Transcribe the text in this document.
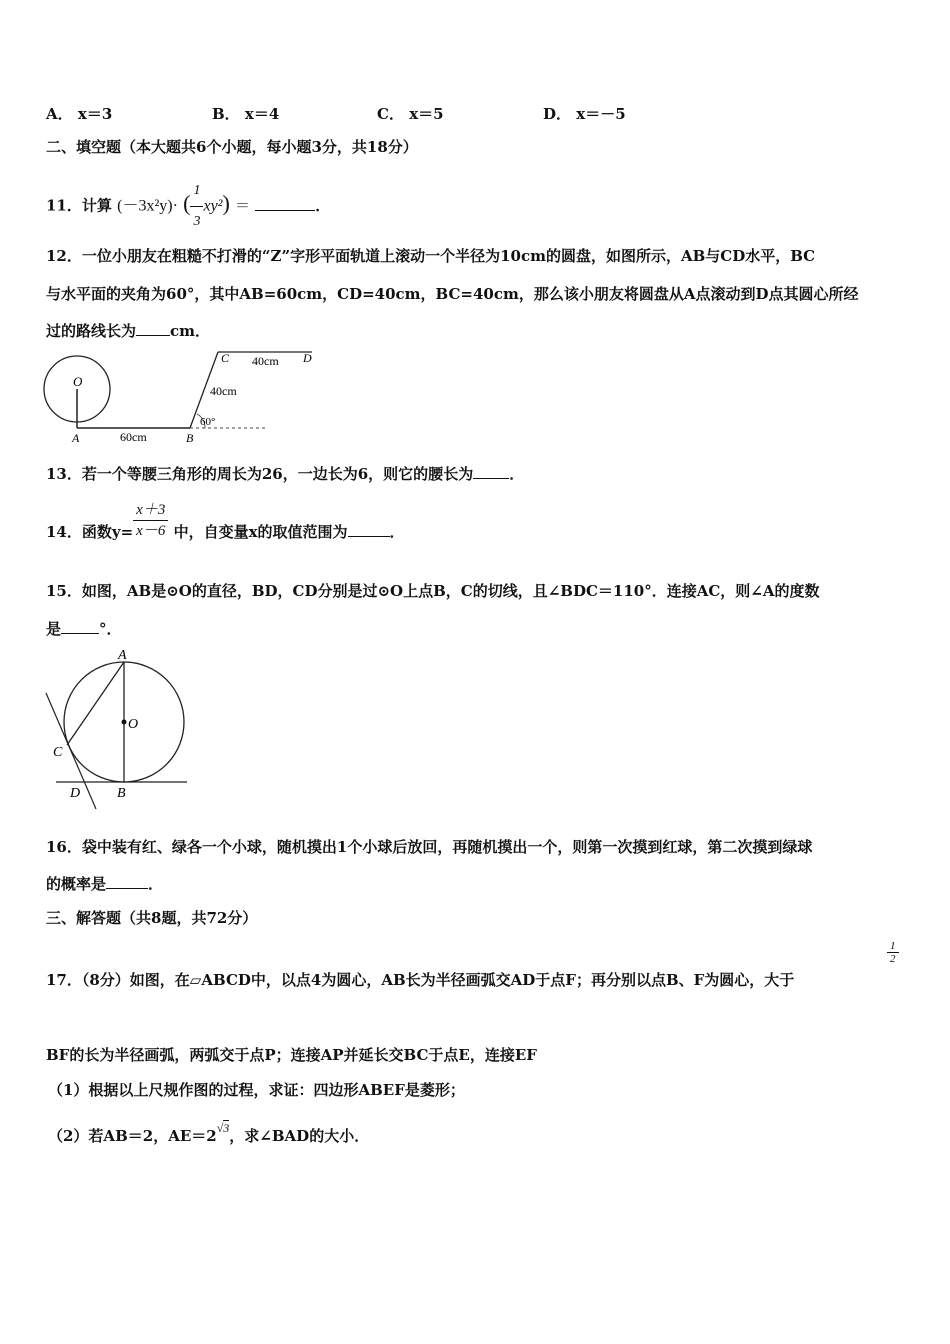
A． x＝3	B． x＝4	C． x＝5	D． x＝－5
二、填空题（本大题共6个小题，每小题3分，共18分）
11．计算 (－3x²y)· ( $\frac{1}{3} xy^2$) ＝	．
12．一位小朋友在粗糙不打滑的“Z”字形平面轨道上滚动一个半径为10cm的圆盘，如图所示，AB与CD水平，BC
与水平面的夹角为60°，其中AB=60cm，CD=40cm，BC=40cm，那么该小朋友将圆盘从A点滚动到D点其圆心所经
过的路线长为 cm．
O
A	B
C	D
60cm
40cm
40cm
60°
13．若一个等腰三角形的周长为26，一边长为6，则它的腰长为 ．
14．函数$y= \frac{x+3}{x-6}$ 中，自变量x的取值范围为	．
15．如图，AB是⊙O的直径，BD，CD分别是过⊙O上点B，C的切线，且∠BDC＝110°．连接AC，则∠A的度数
是	°．
A
O
C
D	B
16．袋中装有红、绿各一个小球，随机摸出1个小球后放回，再随机摸出一个，则第一次摸到红球，第二次摸到绿球
的概率是	．
三、解答题（共8题，共72分）
17．（8分）如图，在▱ABCD中，以点4为圆心，AB长为半径画弧交AD于点F；再分别以点B、F为圆心，大于
$\frac{1}{2}$
BF的长为半径画弧，两弧交于点P；连接AP并延长交BC于点E，连接EF
（1）根据以上尺规作图的过程，求证：四边形ABEF是菱形；
（2）若AB＝2，$AE=2^{√3}$，求∠BAD的大小．
